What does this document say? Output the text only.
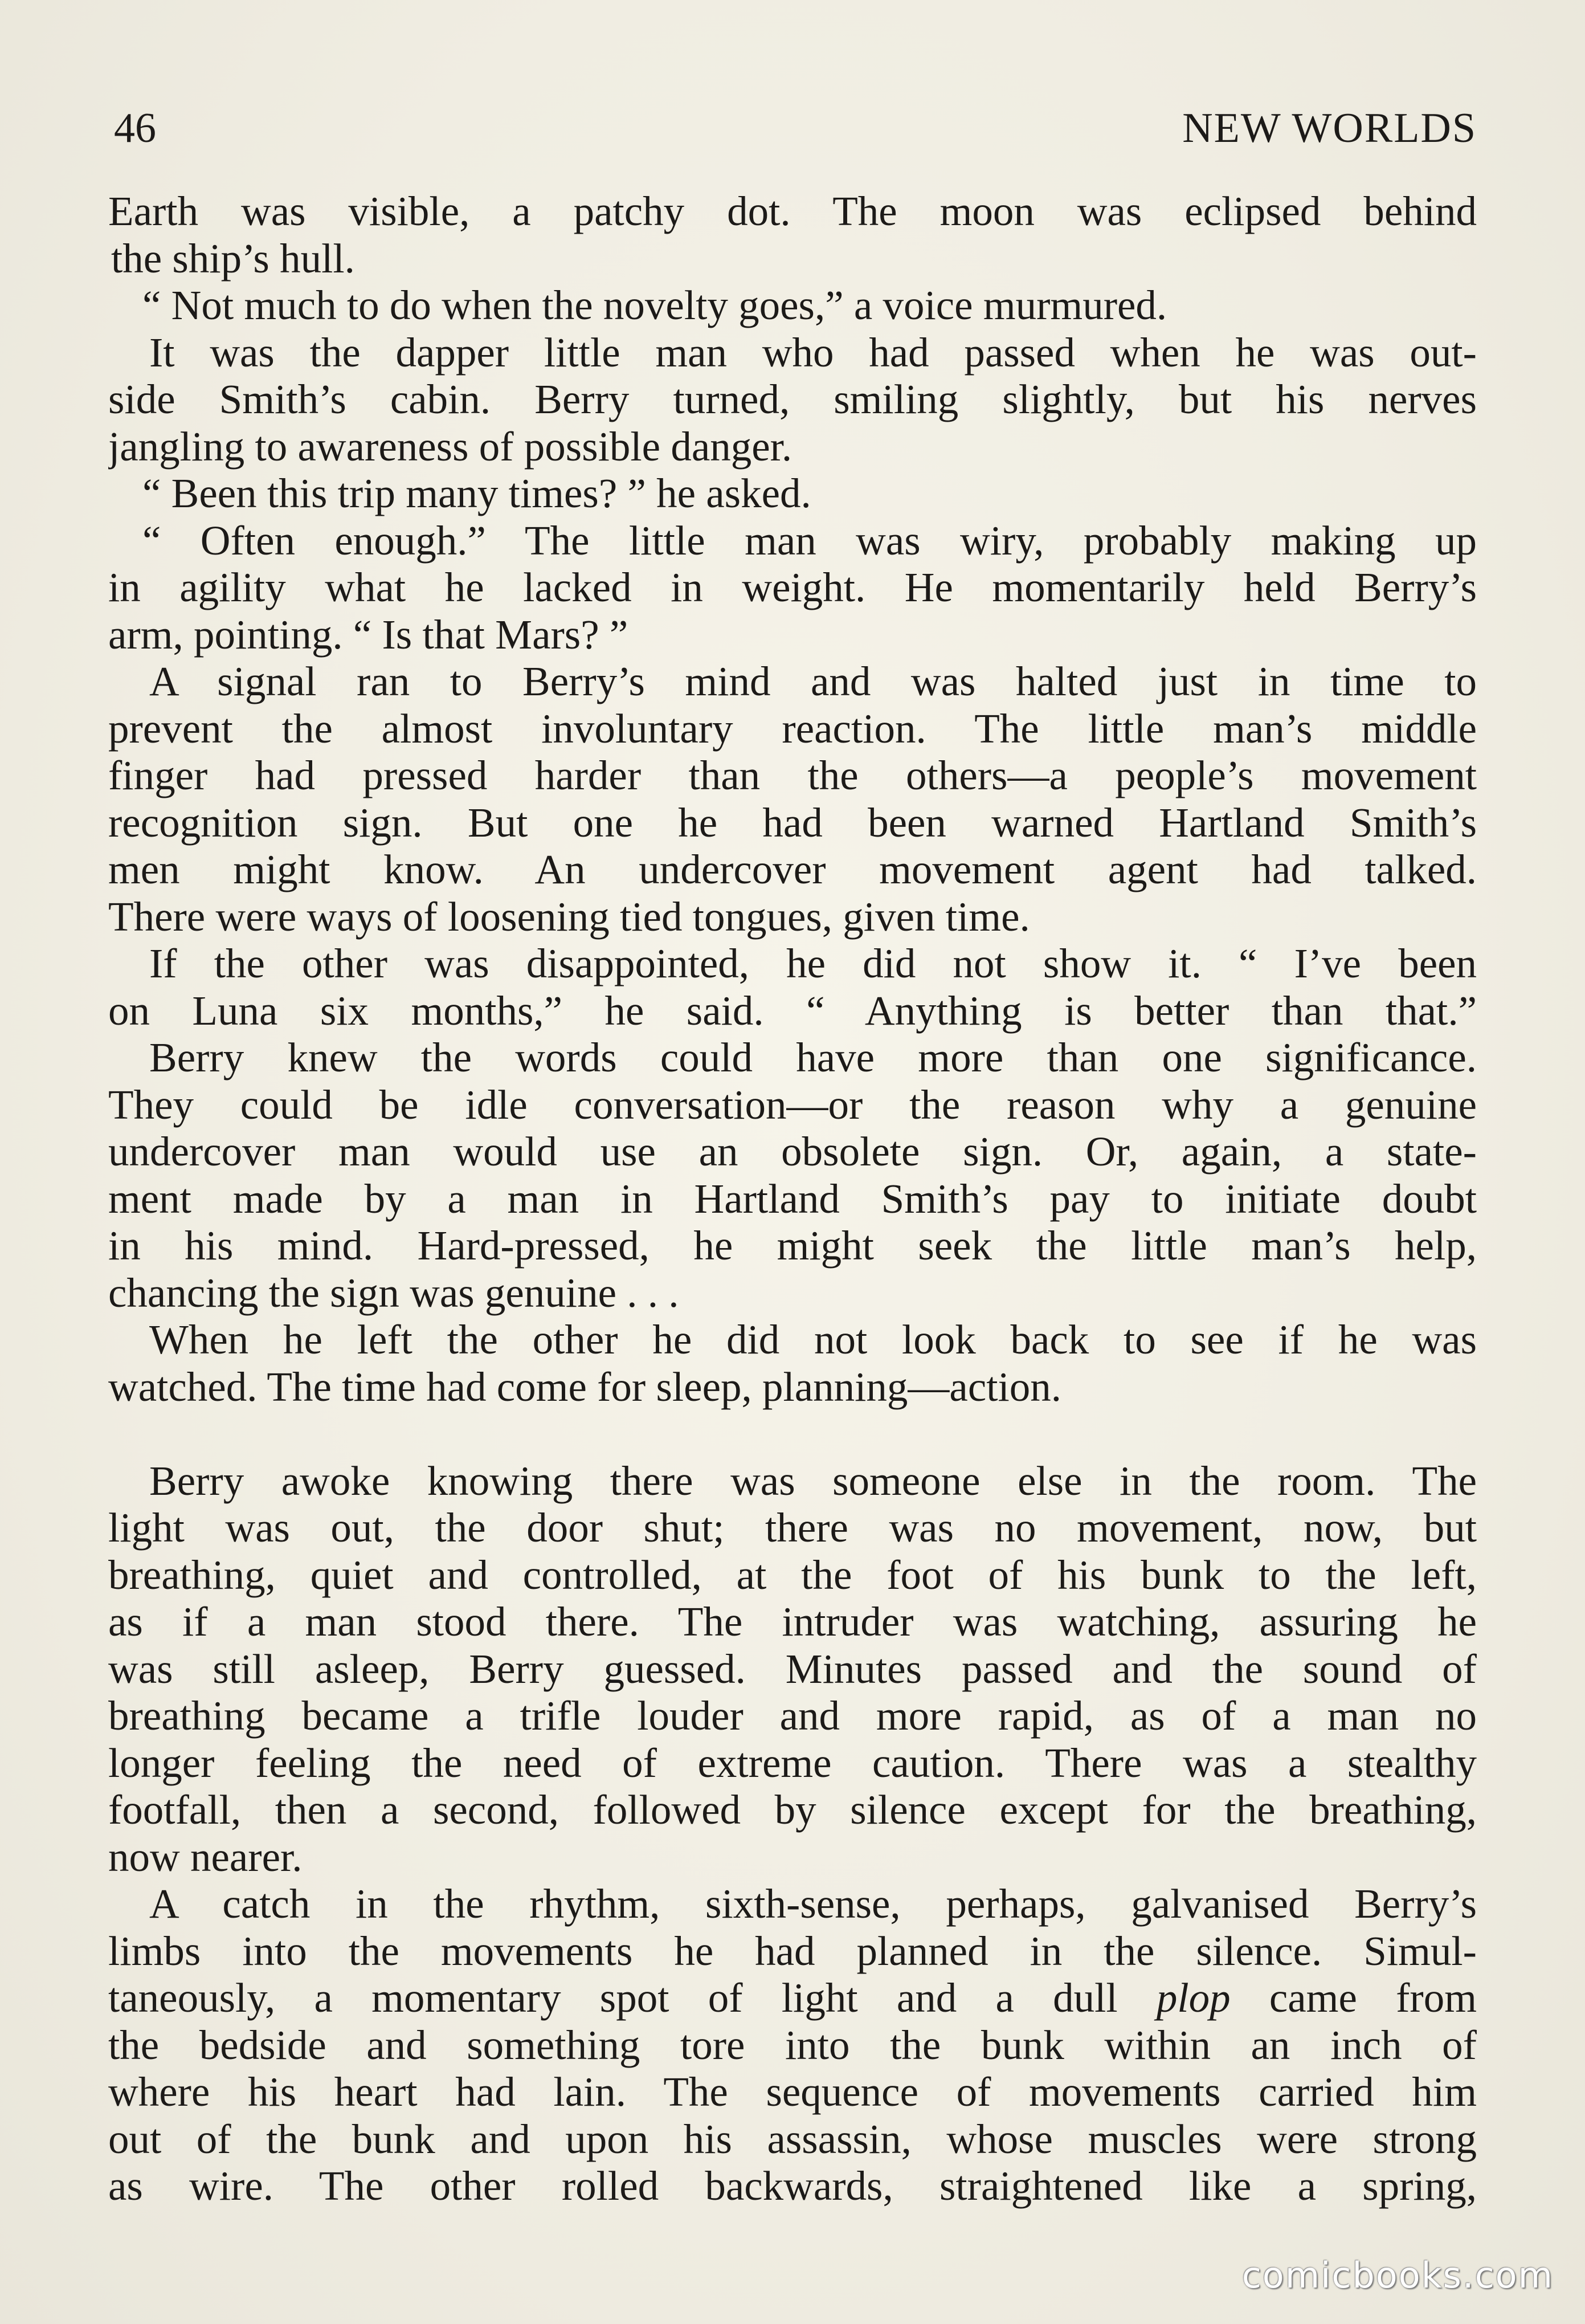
46	NEW WORLDS
Earth was visible, a patchy dot. The moon was eclipsed behind
the ship’s hull.
“ Not much to do when the novelty goes,” a voice murmured.
It was the dapper little man who had passed when he was out-
side Smith’s cabin. Berry turned, smiling slightly, but his nerves
jangling to awareness of possible danger.
“ Been this trip many times? ” he asked.
“ Often enough.” The little man was wiry, probably making up
in agility what he lacked in weight. He momentarily held Berry’s
arm, pointing. “ Is that Mars? ”
A signal ran to Berry’s mind and was halted just in time to
prevent the almost involuntary reaction. The little man’s middle
finger had pressed harder than the others—a people’s movement
recognition sign. But one he had been warned Hartland Smith’s
men might know. An undercover movement agent had talked.
There were ways of loosening tied tongues, given time.
If the other was disappointed, he did not show it. “ I’ve been
on Luna six months,” he said. “ Anything is better than that.”
Berry knew the words could have more than one significance.
They could be idle conversation—or the reason why a genuine
undercover man would use an obsolete sign. Or, again, a state-
ment made by a man in Hartland Smith’s pay to initiate doubt
in his mind. Hard-pressed, he might seek the little man’s help,
chancing the sign was genuine . . .
When he left the other he did not look back to see if he was
watched. The time had come for sleep, planning—action.
Berry awoke knowing there was someone else in the room. The
light was out, the door shut; there was no movement, now, but
breathing, quiet and controlled, at the foot of his bunk to the left,
as if a man stood there. The intruder was watching, assuring he
was still asleep, Berry guessed. Minutes passed and the sound of
breathing became a trifle louder and more rapid, as of a man no
longer feeling the need of extreme caution. There was a stealthy
footfall, then a second, followed by silence except for the breathing,
now nearer.
A catch in the rhythm, sixth-sense, perhaps, galvanised Berry’s
limbs into the movements he had planned in the silence. Simul-
taneously, a momentary spot of light and a dull plop came from
the bedside and something tore into the bunk within an inch of
where his heart had lain. The sequence of movements carried him
out of the bunk and upon his assassin, whose muscles were strong
as wire. The other rolled backwards, straightened like a spring,
comicbooks.com
